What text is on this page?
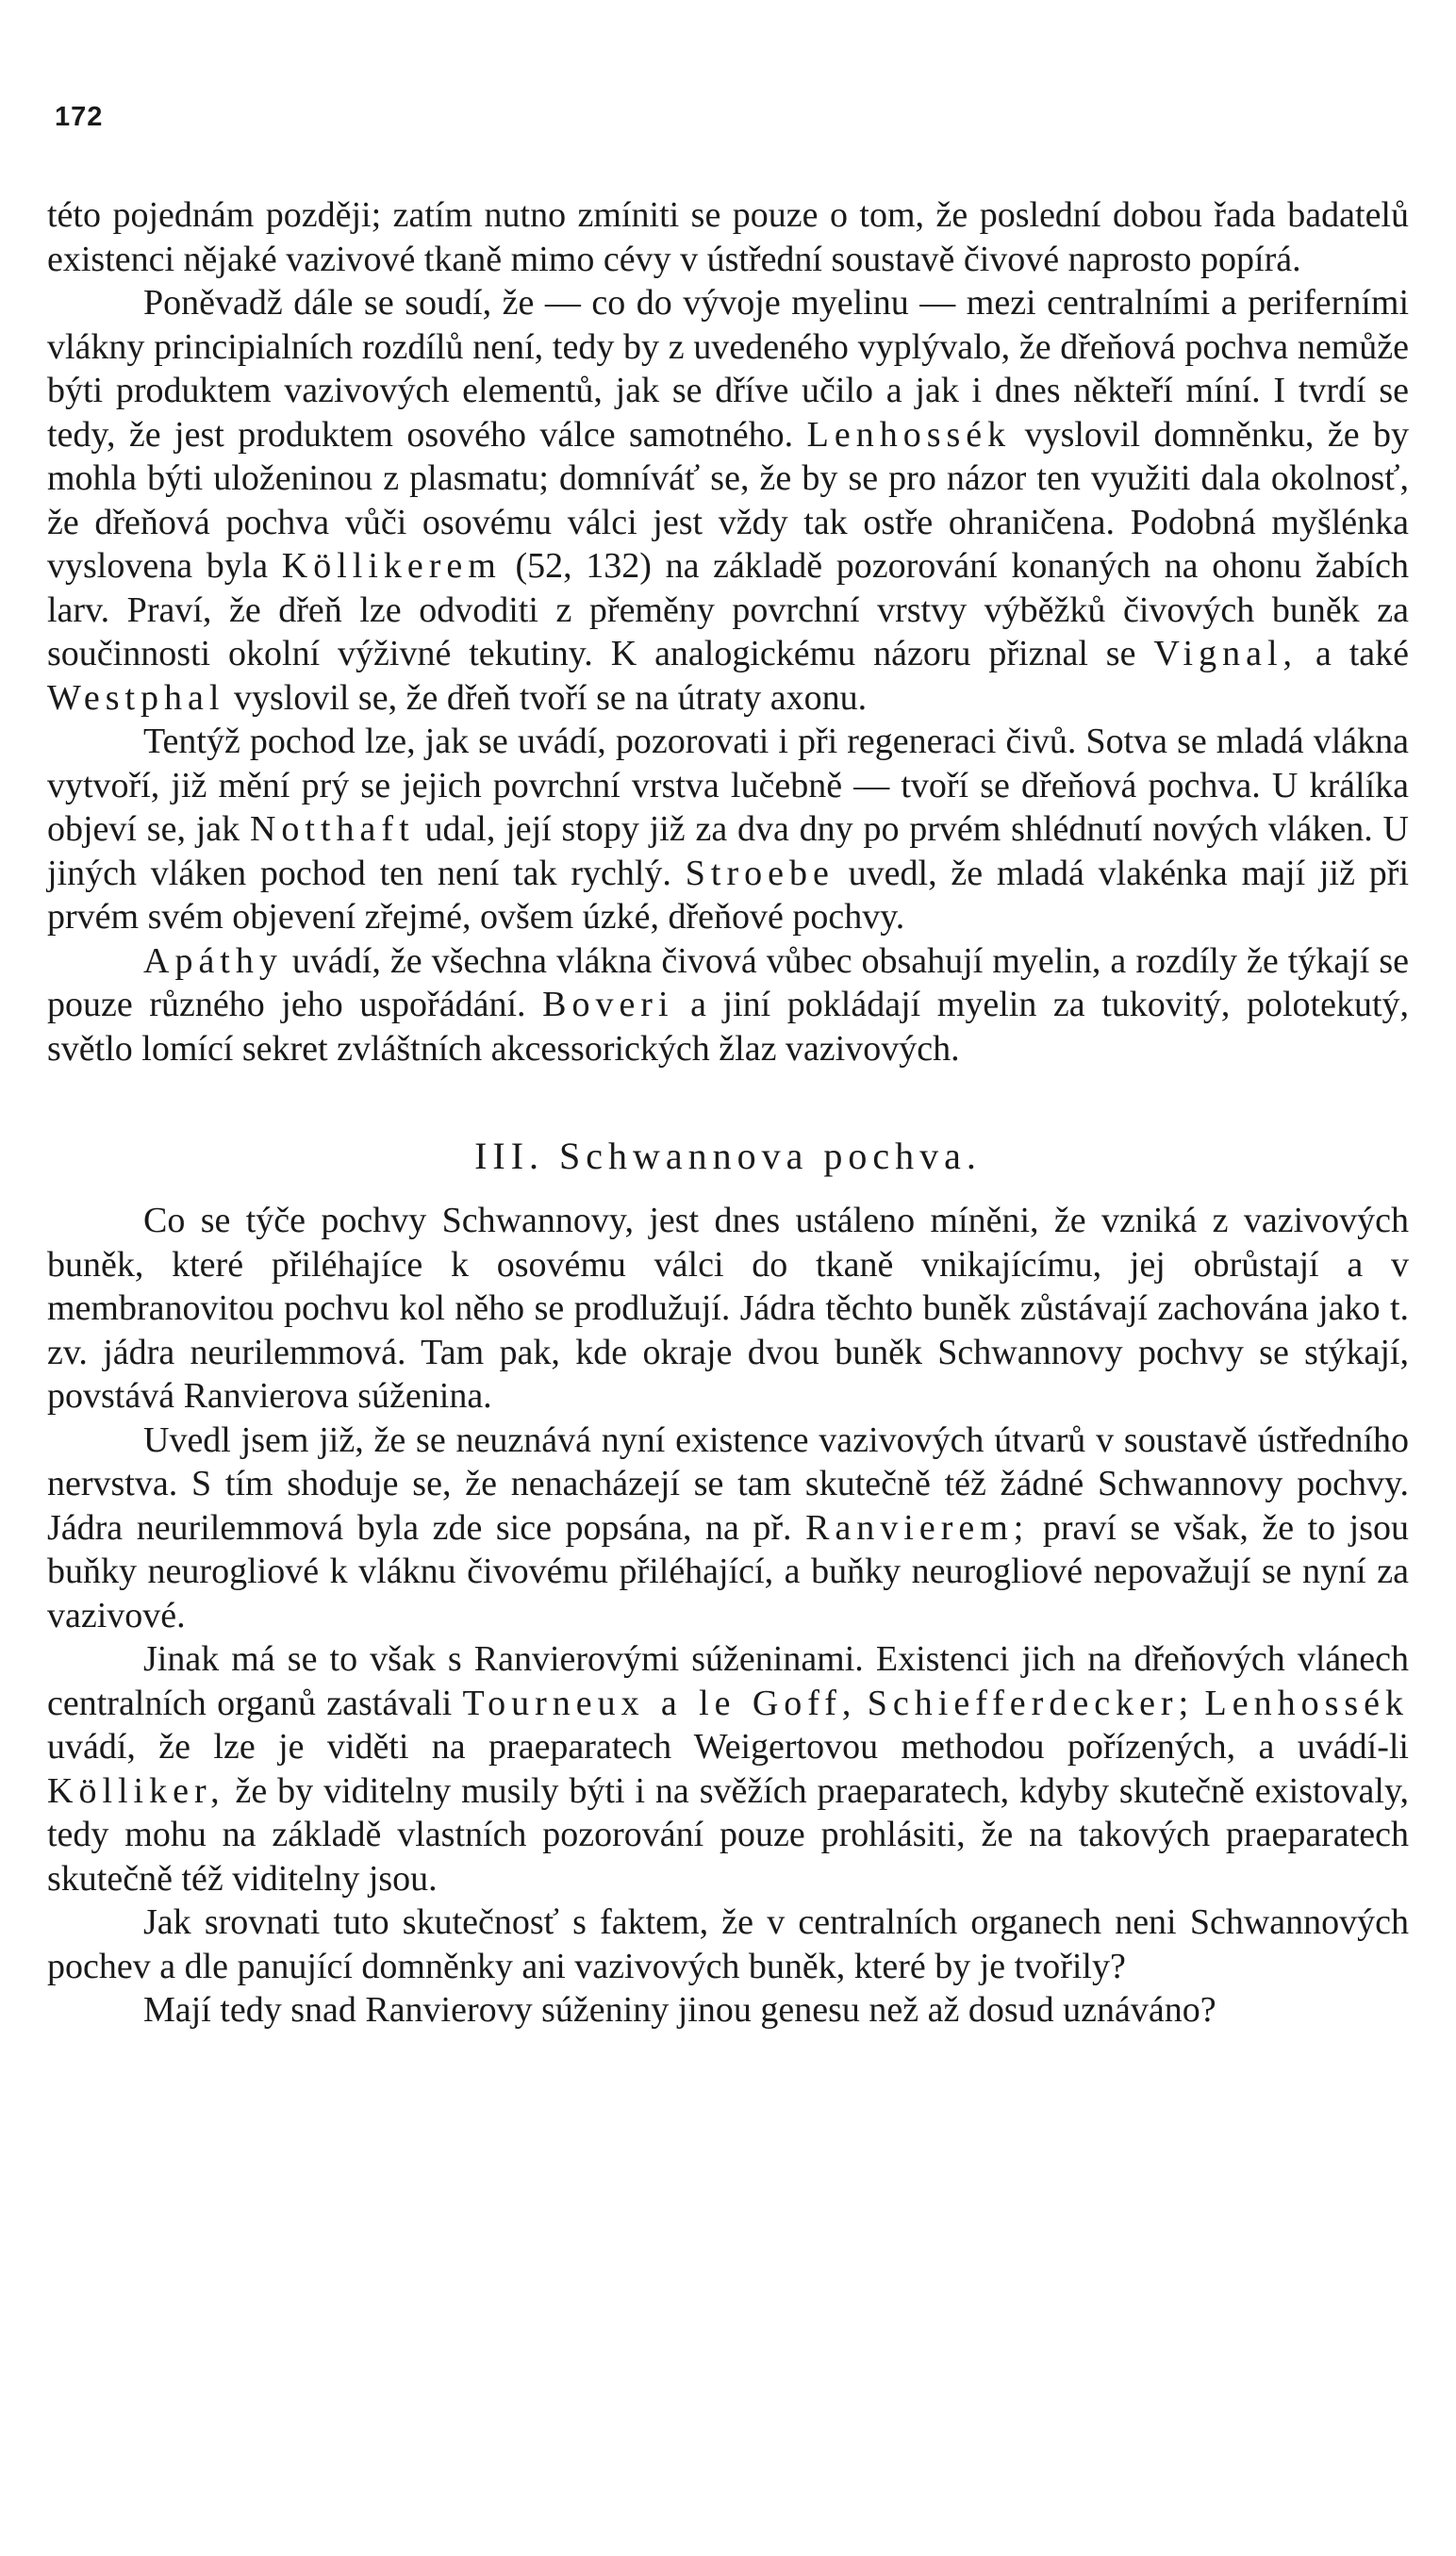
172

této pojednám později; zatím nutno zmíniti se pouze o tom, že poslední dobou řada badatelů existenci nějaké vazivové tkaně mimo cévy v ústřední soustavě čivové naprosto popírá.

Poněvadž dále se soudí, že — co do vývoje myelinu — mezi centralními a periferními vlákny principialních rozdílů není, tedy by z uvedeného vyplývalo, že dřeňová pochva nemůže býti produktem vazivových elementů, jak se dříve učilo a jak i dnes někteří míní. I tvrdí se tedy, že jest produktem osového válce samotného. Lenhossék vyslovil domněnku, že by mohla býti uloženinou z plasmatu; domníváť se, že by se pro názor ten využiti dala okolnosť, že dřeňová pochva vůči osovému válci jest vždy tak ostře ohraničena. Podobná myšlénka vyslovena byla Köllikerem (52, 132) na základě pozorování konaných na ohonu žabích larv. Praví, že dřeň lze odvoditi z přeměny povrchní vrstvy výběžků čivových buněk za součinnosti okolní výživné tekutiny. K analogickému názoru přiznal se Vignal, a také Westphal vyslovil se, že dřeň tvoří se na útraty axonu.

Tentýž pochod lze, jak se uvádí, pozorovati i při regeneraci čivů. Sotva se mladá vlákna vytvoří, již mění prý se jejich povrchní vrstva lučebně — tvoří se dřeňová pochva. U králíka objeví se, jak Notthaft udal, její stopy již za dva dny po prvém shlédnutí nových vláken. U jiných vláken pochod ten není tak rychlý. Stroebe uvedl, že mladá vlakénka mají již při prvém svém objevení zřejmé, ovšem úzké, dřeňové pochvy.

Apáthy uvádí, že všechna vlákna čivová vůbec obsahují myelin, a rozdíly že týkají se pouze různého jeho uspořádání. Boveri a jiní pokládají myelin za tukovitý, polotekutý, světlo lomící sekret zvláštních akcessorických žlaz vazivových.

III. Schwannova pochva.

Co se týče pochvy Schwannovy, jest dnes ustáleno míněni, že vzniká z vazivových buněk, které přiléhajíce k osovému válci do tkaně vnikajícímu, jej obrůstají a v membranovitou pochvu kol něho se prodlužují. Jádra těchto buněk zůstávají zachována jako t. zv. jádra neurilemmová. Tam pak, kde okraje dvou buněk Schwannovy pochvy se stýkají, povstává Ranvierova súženina.

Uvedl jsem již, že se neuznává nyní existence vazivových útvarů v soustavě ústředního nervstva. S tím shoduje se, že nenacházejí se tam skutečně též žádné Schwannovy pochvy. Jádra neurilemmová byla zde sice popsána, na př. Ranvierem; praví se však, že to jsou buňky neurogliové k vláknu čivovému přiléhající, a buňky neurogliové nepovažují se nyní za vazivové.

Jinak má se to však s Ranvierovými súženinami. Existenci jich na dřeňových vlánech centralních organů zastávali Tourneux a le Goff, Schiefferdecker; Lenhossék uvádí, že lze je viděti na praeparatech Weigertovou methodou pořízených, a uvádí-li Kölliker, že by viditelny musily býti i na svěžích praeparatech, kdyby skutečně existovaly, tedy mohu na základě vlastních pozorování pouze prohlásiti, že na takových praeparatech skutečně též viditelny jsou.

Jak srovnati tuto skutečnosť s faktem, že v centralních organech neni Schwannových pochev a dle panující domněnky ani vazivových buněk, které by je tvořily?

Mají tedy snad Ranvierovy súženiny jinou genesu než až dosud uznáváno?
